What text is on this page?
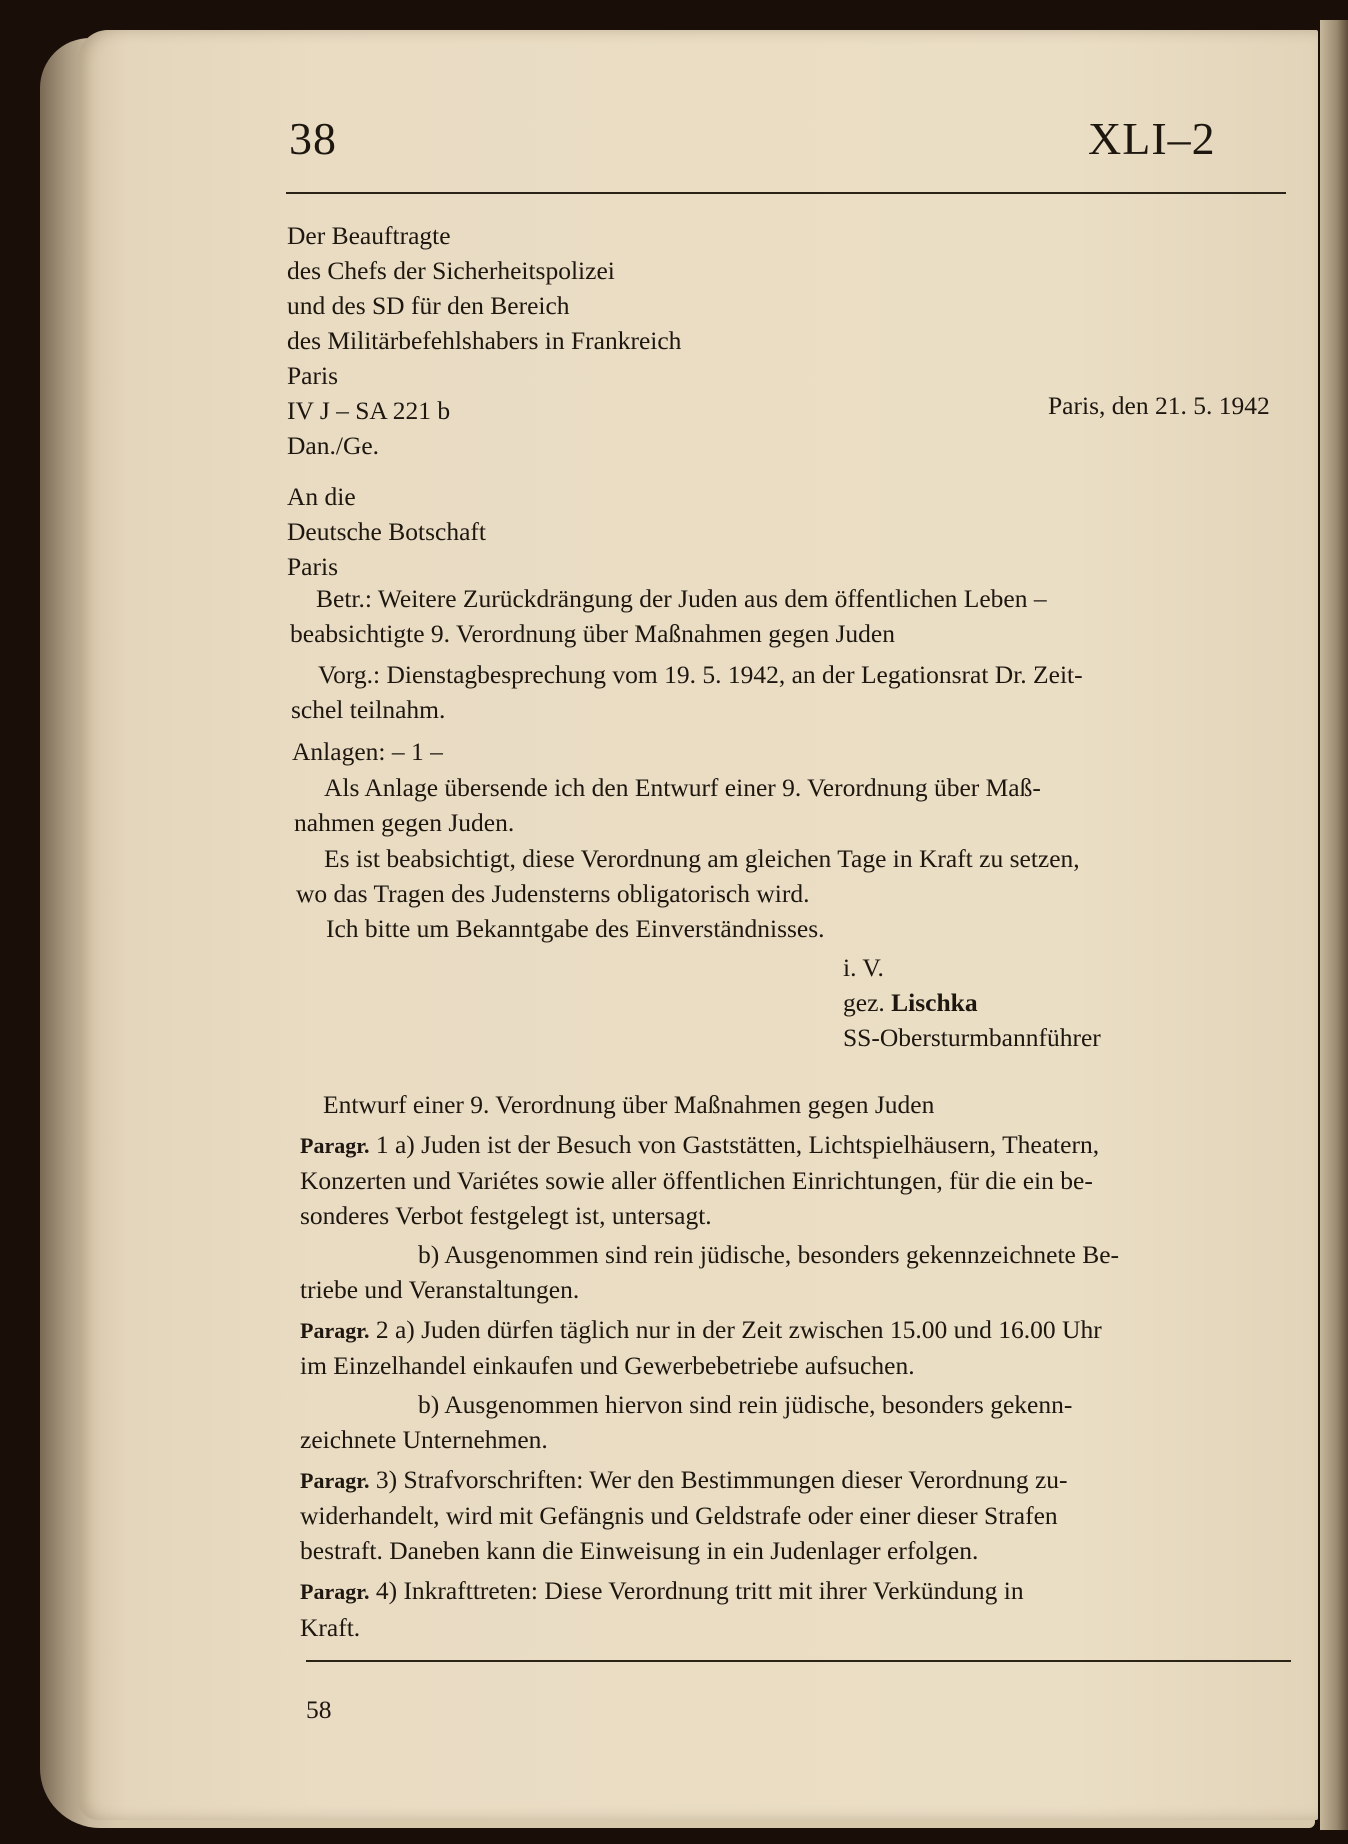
38	XLI–2
Der Beauftragte
des Chefs der Sicherheitspolizei
und des SD für den Bereich
des Militärbefehlshabers in Frankreich
Paris
IV J – SA 221 b	Paris, den 21. 5. 1942
Dan./Ge.
An die
Deutsche Botschaft
Paris
Betr.: Weitere Zurückdrängung der Juden aus dem öffentlichen Leben –
beabsichtigte 9. Verordnung über Maßnahmen gegen Juden
Vorg.: Dienstagbesprechung vom 19. 5. 1942, an der Legationsrat Dr. Zeit-
schel teilnahm.
Anlagen: – 1 –
Als Anlage übersende ich den Entwurf einer 9. Verordnung über Maß-
nahmen gegen Juden.
Es ist beabsichtigt, diese Verordnung am gleichen Tage in Kraft zu setzen,
wo das Tragen des Judensterns obligatorisch wird.
Ich bitte um Bekanntgabe des Einverständnisses.
i. V.
gez. Lischka
SS-Obersturmbannführer
Entwurf einer 9. Verordnung über Maßnahmen gegen Juden
Paragr. 1 a) Juden ist der Besuch von Gaststätten, Lichtspielhäusern, Theatern,
Konzerten und Variétes sowie aller öffentlichen Einrichtungen, für die ein be-
sonderes Verbot festgelegt ist, untersagt.
b) Ausgenommen sind rein jüdische, besonders gekennzeichnete Be-
triebe und Veranstaltungen.
Paragr. 2 a) Juden dürfen täglich nur in der Zeit zwischen 15.00 und 16.00 Uhr
im Einzelhandel einkaufen und Gewerbebetriebe aufsuchen.
b) Ausgenommen hiervon sind rein jüdische, besonders gekenn-
zeichnete Unternehmen.
Paragr. 3) Strafvorschriften: Wer den Bestimmungen dieser Verordnung zu-
widerhandelt, wird mit Gefängnis und Geldstrafe oder einer dieser Strafen
bestraft. Daneben kann die Einweisung in ein Judenlager erfolgen.
Paragr. 4) Inkrafttreten: Diese Verordnung tritt mit ihrer Verkündung in
Kraft.
58
